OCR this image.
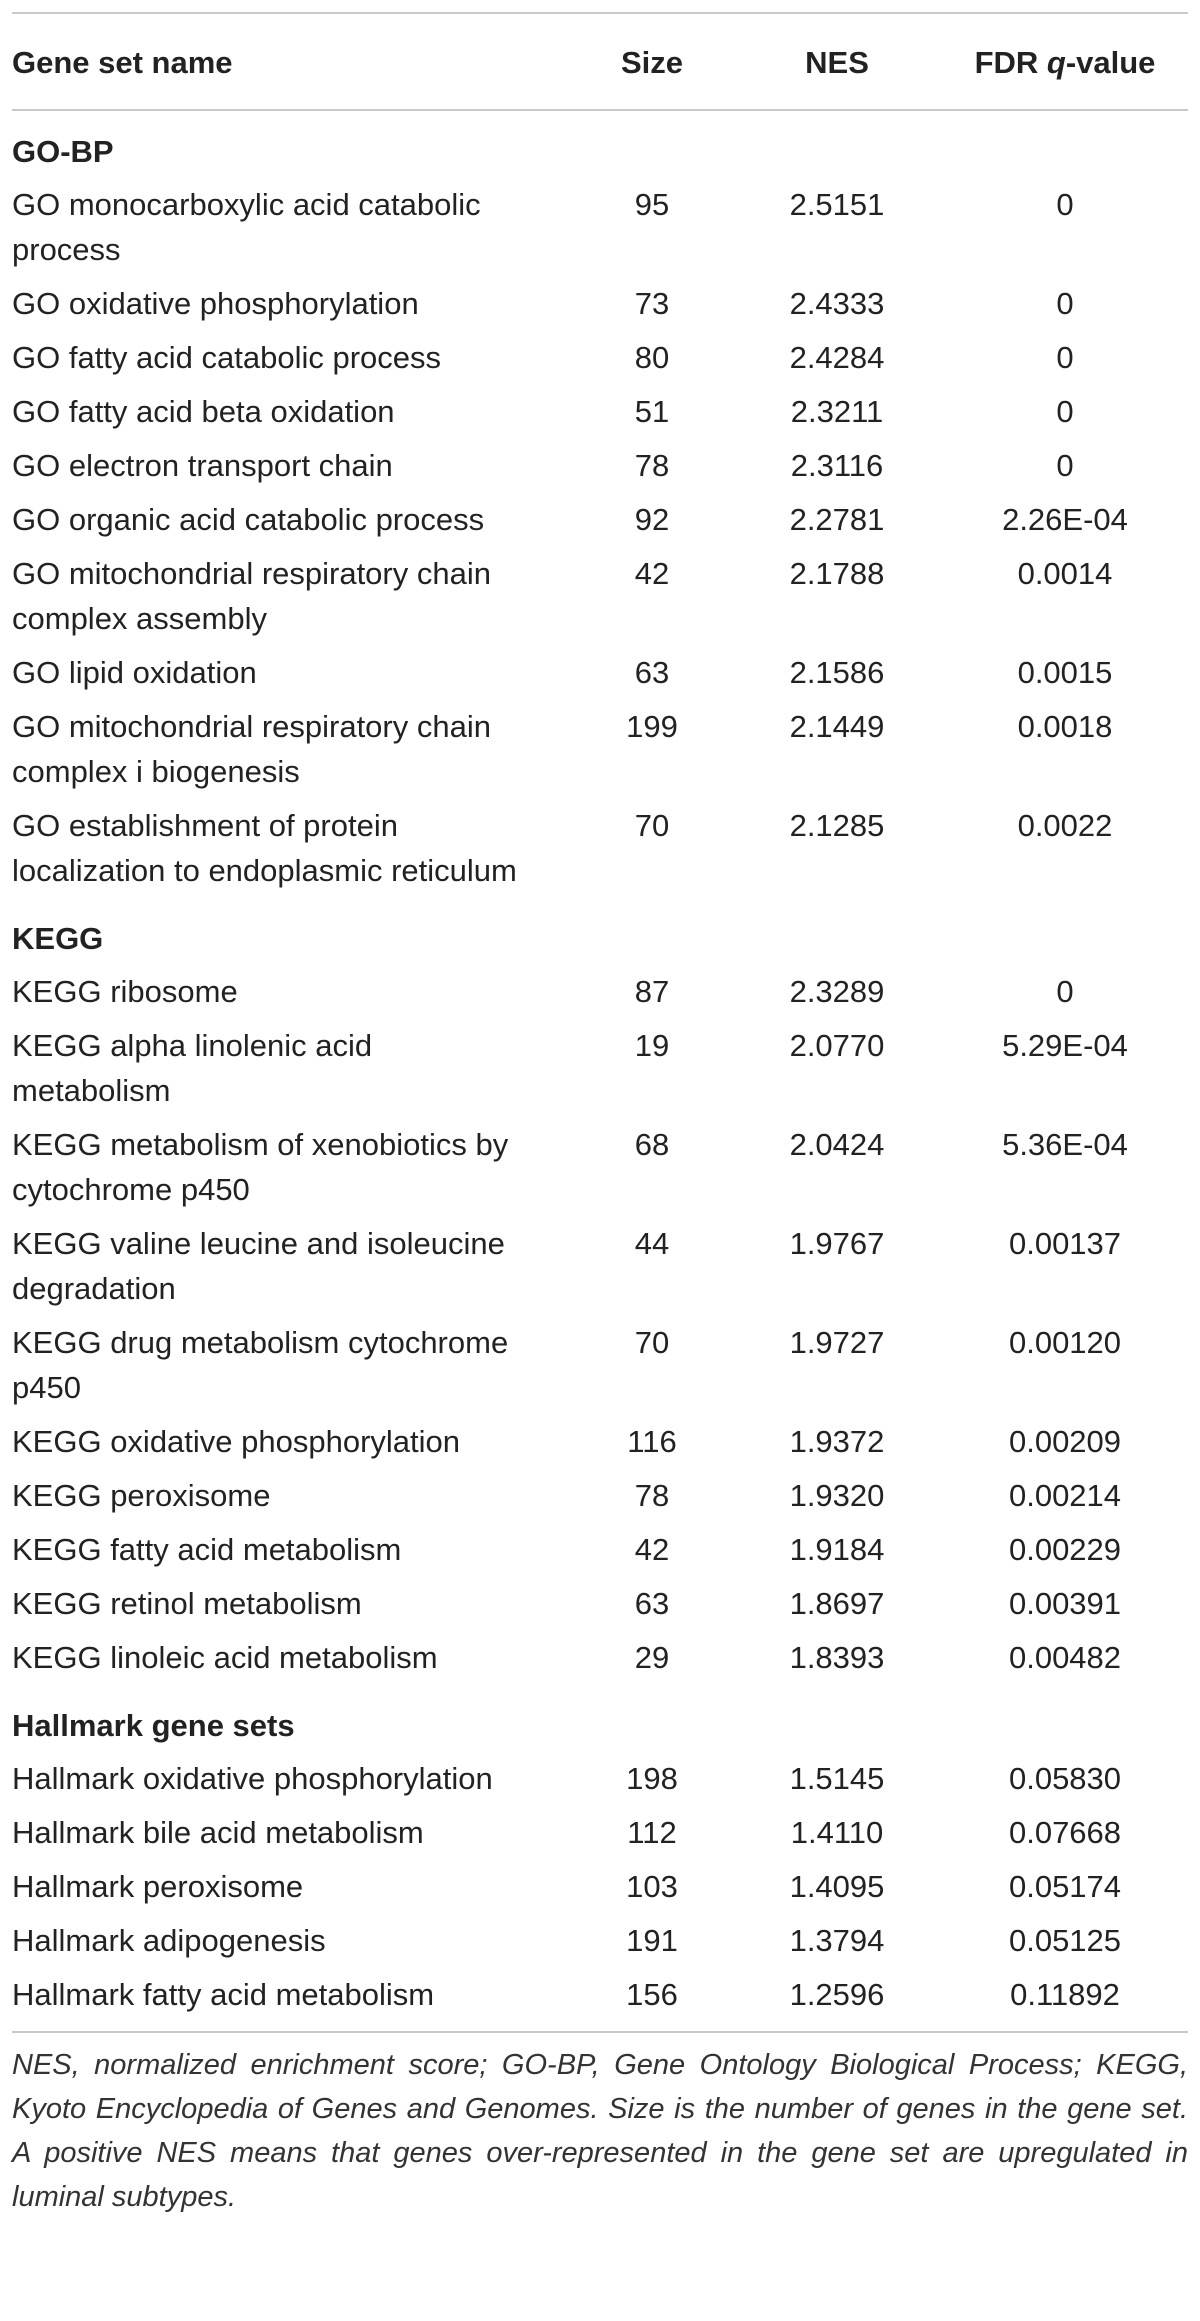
Gene set name	Size	NES	FDR q-value
GO-BP			
GO monocarboxylic acid catabolic process	95	2.5151	0
GO oxidative phosphorylation	73	2.4333	0
GO fatty acid catabolic process	80	2.4284	0
GO fatty acid beta oxidation	51	2.3211	0
GO electron transport chain	78	2.3116	0
GO organic acid catabolic process	92	2.2781	2.26E-04
GO mitochondrial respiratory chain complex assembly	42	2.1788	0.0014
GO lipid oxidation	63	2.1586	0.0015
GO mitochondrial respiratory chain complex i biogenesis	199	2.1449	0.0018
GO establishment of protein localization to endoplasmic reticulum	70	2.1285	0.0022
KEGG			
KEGG ribosome	87	2.3289	0
KEGG alpha linolenic acid metabolism	19	2.0770	5.29E-04
KEGG metabolism of xenobiotics by cytochrome p450	68	2.0424	5.36E-04
KEGG valine leucine and isoleucine degradation	44	1.9767	0.00137
KEGG drug metabolism cytochrome p450	70	1.9727	0.00120
KEGG oxidative phosphorylation	116	1.9372	0.00209
KEGG peroxisome	78	1.9320	0.00214
KEGG fatty acid metabolism	42	1.9184	0.00229
KEGG retinol metabolism	63	1.8697	0.00391
KEGG linoleic acid metabolism	29	1.8393	0.00482
Hallmark gene sets			
Hallmark oxidative phosphorylation	198	1.5145	0.05830
Hallmark bile acid metabolism	112	1.4110	0.07668
Hallmark peroxisome	103	1.4095	0.05174
Hallmark adipogenesis	191	1.3794	0.05125
Hallmark fatty acid metabolism	156	1.2596	0.11892
NES, normalized enrichment score; GO-BP, Gene Ontology Biological Process; KEGG, Kyoto Encyclopedia of Genes and Genomes. Size is the number of genes in the gene set. A positive NES means that genes over-represented in the gene set are upregulated in luminal subtypes.
